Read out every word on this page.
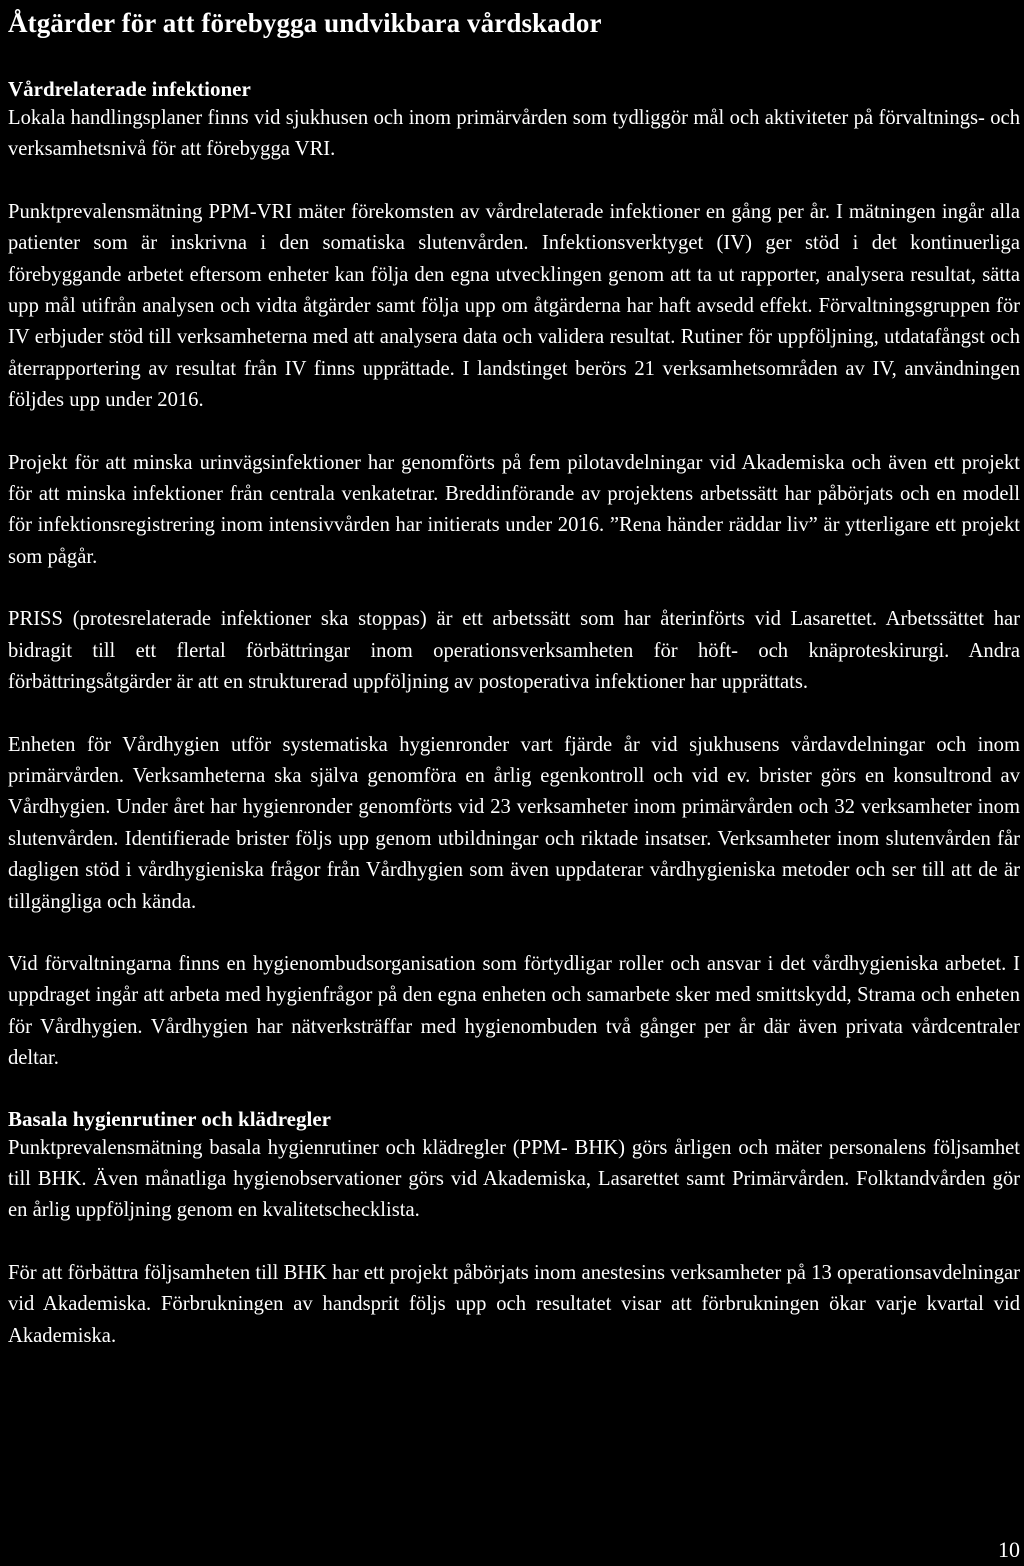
Åtgärder för att förebygga undvikbara vårdskador
Vårdrelaterade infektioner

Lokala handlingsplaner finns vid sjukhusen och inom primärvården som tydliggör mål och aktiviteter på förvaltnings- och verksamhetsnivå för att förebygga VRI.

Punktprevalensmätning PPM-VRI mäter förekomsten av vårdrelaterade infektioner en gång per år. I mätningen ingår alla patienter som är inskrivna i den somatiska slutenvården. Infektionsverktyget (IV) ger stöd i det kontinuerliga förebyggande arbetet eftersom enheter kan följa den egna utvecklingen genom att ta ut rapporter, analysera resultat, sätta upp mål utifrån analysen och vidta åtgärder samt följa upp om åtgärderna har haft avsedd effekt. Förvaltningsgruppen för IV erbjuder stöd till verksamheterna med att analysera data och validera resultat. Rutiner för uppföljning, utdatafångst och återrapportering av resultat från IV finns upprättade. I landstinget berörs 21 verksamhetsområden av IV, användningen följdes upp under 2016.

Projekt för att minska urinvägsinfektioner har genomförts på fem pilotavdelningar vid Akademiska och även ett projekt för att minska infektioner från centrala venkatetrar. Breddinförande av projektens arbetssätt har påbörjats och en modell för infektionsregistrering inom intensivvården har initierats under 2016. ”Rena händer räddar liv” är ytterligare ett projekt som pågår.

PRISS (protesrelaterade infektioner ska stoppas) är ett arbetssätt som har återinförts vid Lasarettet. Arbetssättet har bidragit till ett flertal förbättringar inom operationsverksamheten för höft- och knäproteskirurgi. Andra förbättringsåtgärder är att en strukturerad uppföljning av postoperativa infektioner har upprättats.

Enheten för Vårdhygien utför systematiska hygienronder vart fjärde år vid sjukhusens vårdavdelningar och inom primärvården. Verksamheterna ska själva genomföra en årlig egenkontroll och vid ev. brister görs en konsultrond av Vårdhygien. Under året har hygienronder genomförts vid 23 verksamheter inom primärvården och 32 verksamheter inom slutenvården. Identifierade brister följs upp genom utbildningar och riktade insatser. Verksamheter inom slutenvården får dagligen stöd i vårdhygieniska frågor från Vårdhygien som även uppdaterar vårdhygieniska metoder och ser till att de är tillgängliga och kända.

Vid förvaltningarna finns en hygienombudsorganisation som förtydligar roller och ansvar i det vårdhygieniska arbetet. I uppdraget ingår att arbeta med hygienfrågor på den egna enheten och samarbete sker med smittskydd, Strama och enheten för Vårdhygien. Vårdhygien har nätverksträffar med hygienombuden två gånger per år där även privata vårdcentraler deltar.

Basala hygienrutiner och klädregler

Punktprevalensmätning basala hygienrutiner och klädregler (PPM- BHK) görs årligen och mäter personalens följsamhet till BHK. Även månatliga hygienobservationer görs vid Akademiska, Lasarettet samt Primärvården. Folktandvården gör en årlig uppföljning genom en kvalitetschecklista.

För att förbättra följsamheten till BHK har ett projekt påbörjats inom anestesins verksamheter på 13 operationsavdelningar vid Akademiska. Förbrukningen av handsprit följs upp och resultatet visar att förbrukningen ökar varje kvartal vid Akademiska.

10
